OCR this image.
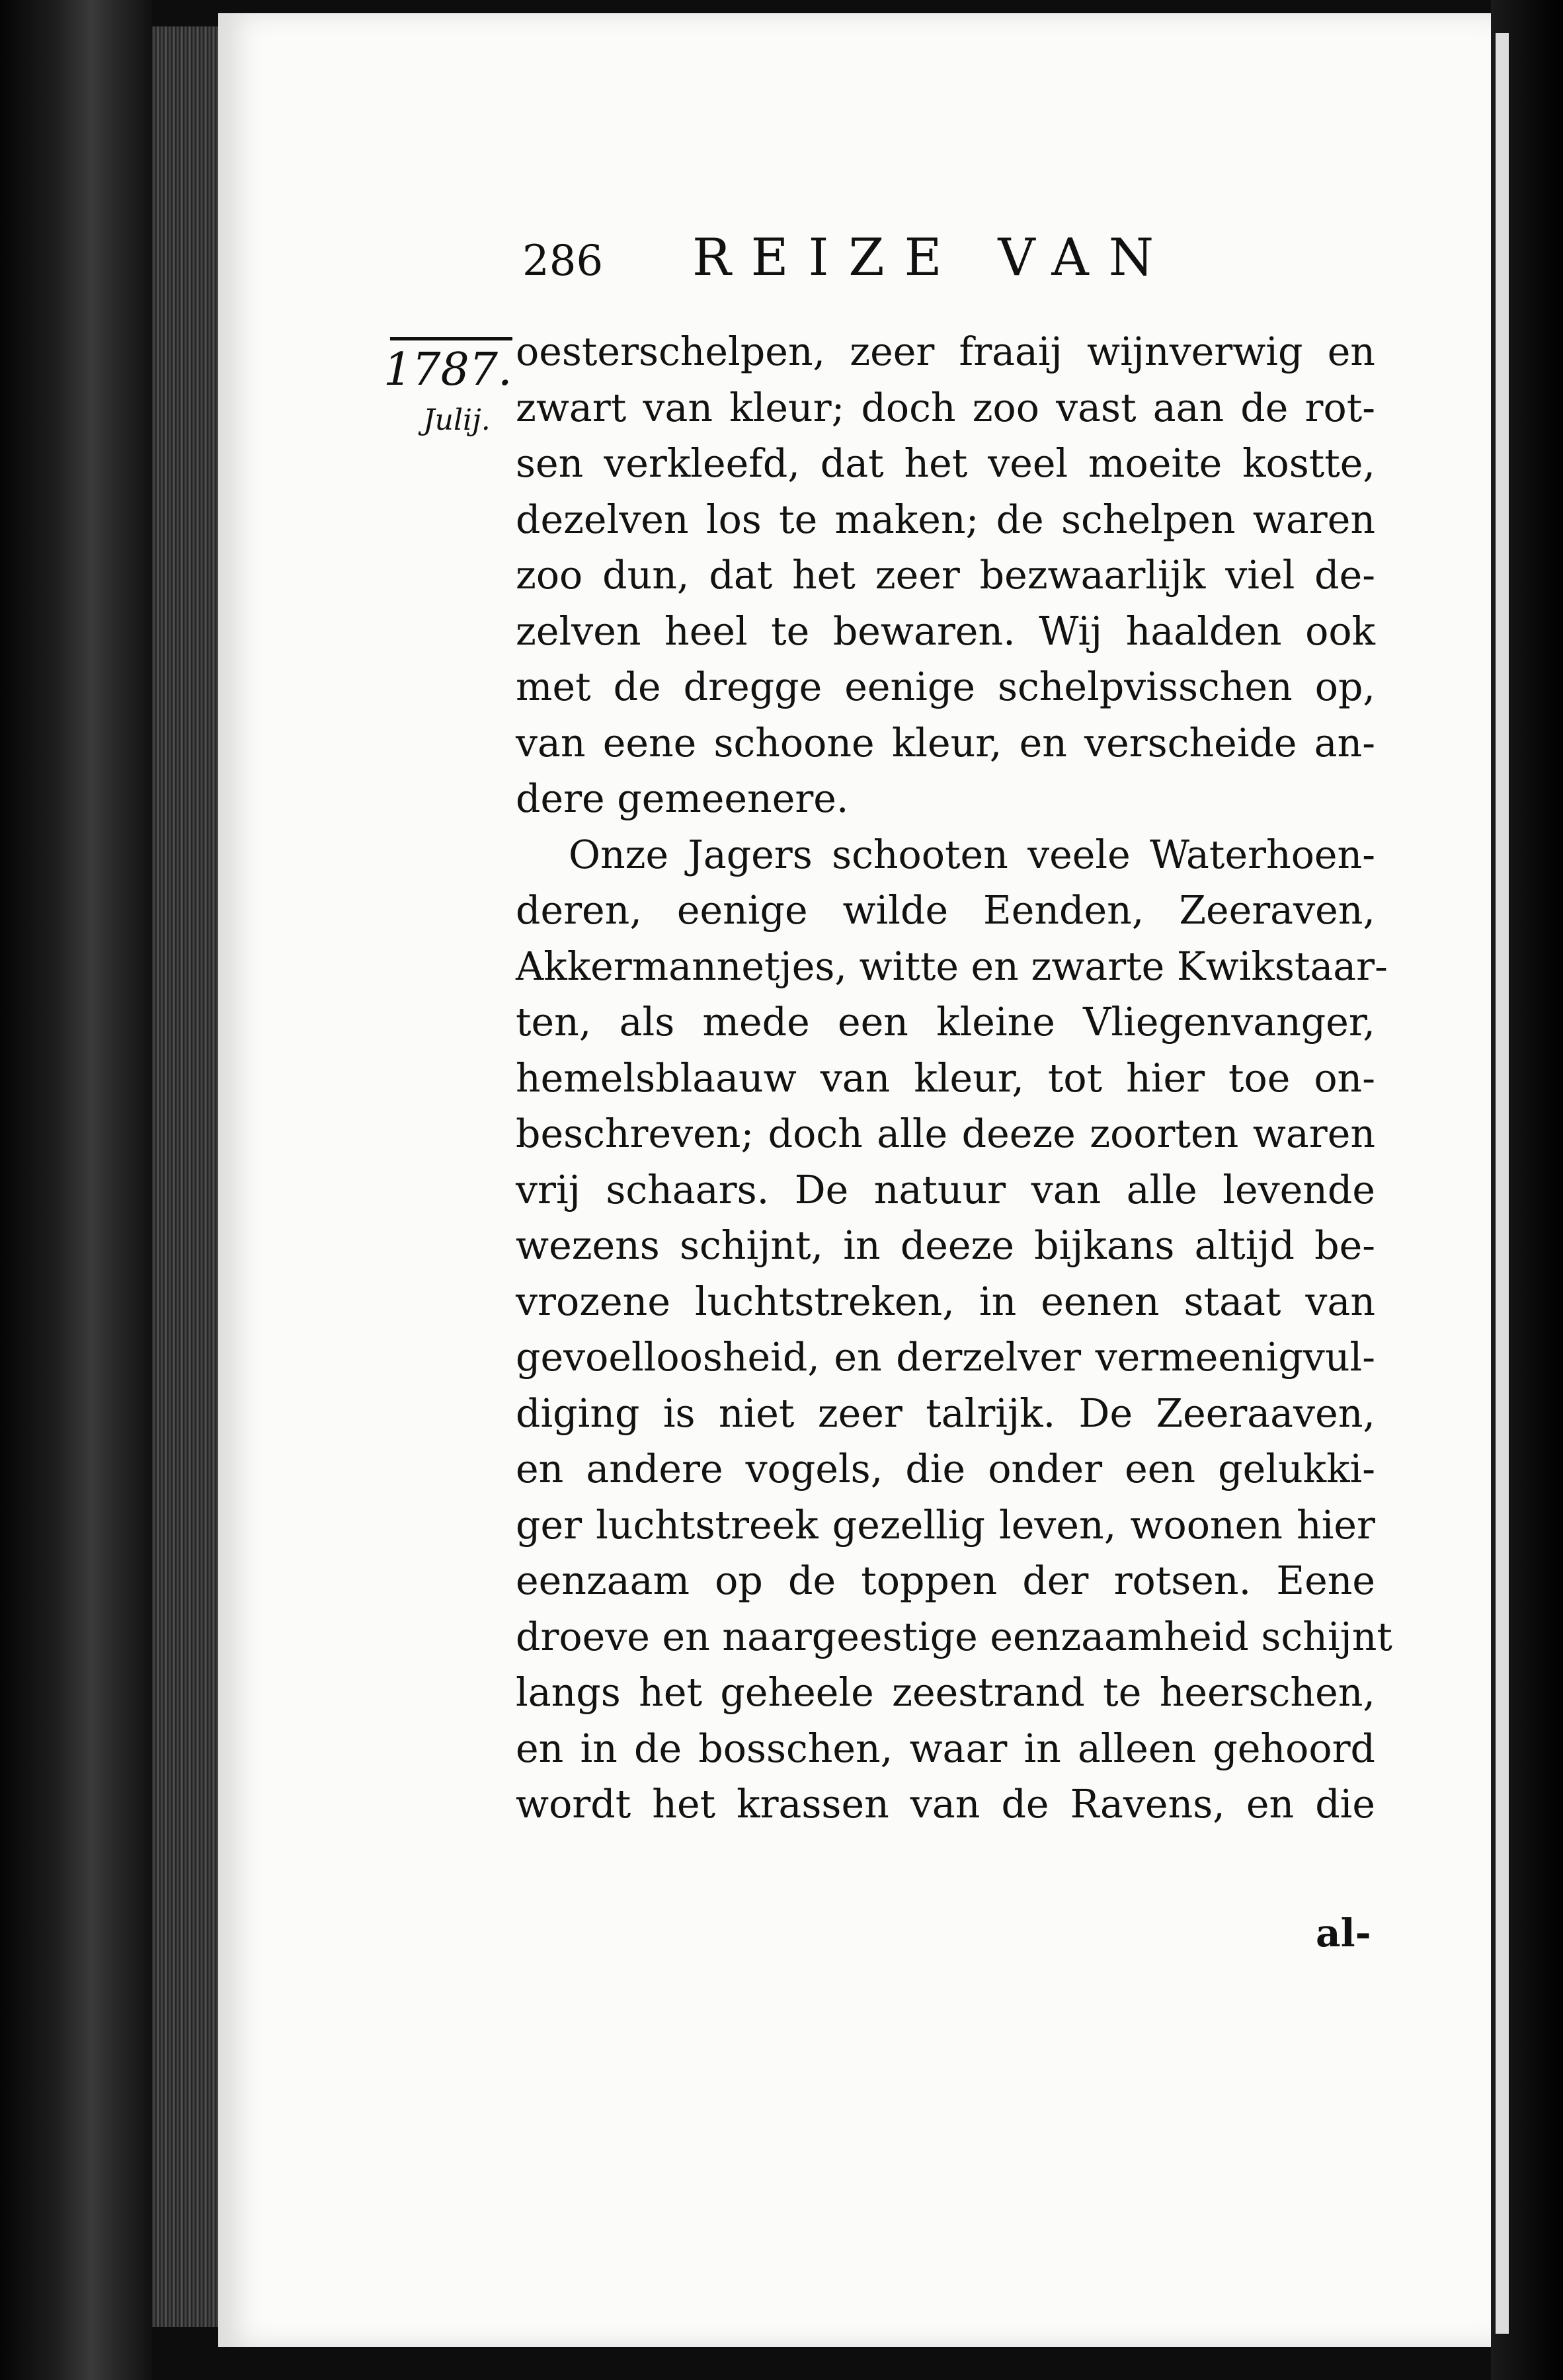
286 REIZE VAN
1787.
Julij.
oesterschelpen, zeer fraaij wijnverwig en
zwart van kleur; doch zoo vast aan de rot-
sen verkleefd, dat het veel moeite kostte,
dezelven los te maken; de schelpen waren
zoo dun, dat het zeer bezwaarlijk viel de-
zelven heel te bewaren. Wij haalden ook
met de dregge eenige schelpvisschen op,
van eene schoone kleur, en verscheide an-
dere gemeenere.
Onze Jagers schooten veele Waterhoen-
deren, eenige wilde Eenden, Zeeraven,
Akkermannetjes, witte en zwarte Kwikstaar-
ten, als mede een kleine Vliegenvanger,
hemelsblaauw van kleur, tot hier toe on-
beschreven; doch alle deeze zoorten waren
vrij schaars. De natuur van alle levende
wezens schijnt, in deeze bijkans altijd be-
vrozene luchtstreken, in eenen staat van
gevoelloosheid, en derzelver vermeenigvul-
diging is niet zeer talrijk. De Zeeraaven,
en andere vogels, die onder een gelukki-
ger luchtstreek gezellig leven, woonen hier
eenzaam op de toppen der rotsen. Eene
droeve en naargeestige eenzaamheid schijnt
langs het geheele zeestrand te heerschen,
en in de bosschen, waar in alleen gehoord
wordt het krassen van de Ravens, en die
al-
